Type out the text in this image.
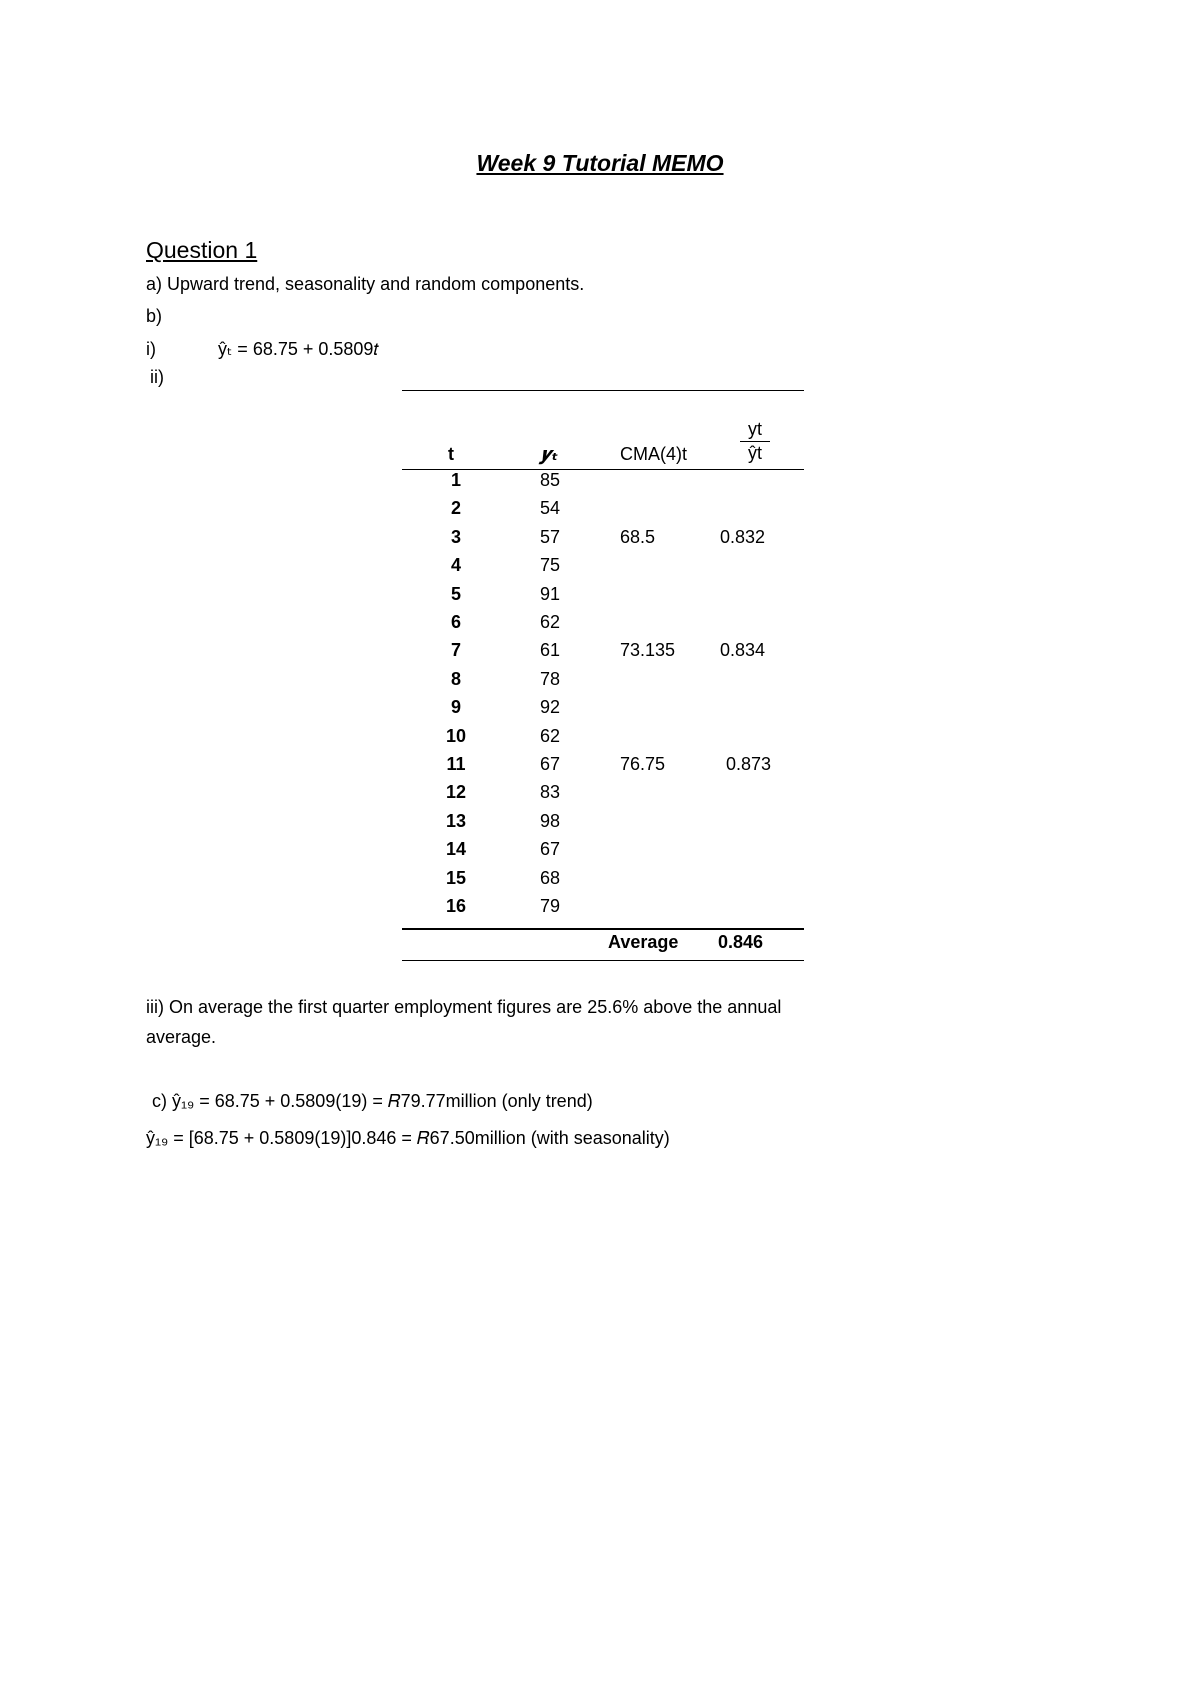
Week 9 Tutorial MEMO
Question 1
a) Upward trend, seasonality and random components.
b)
i)	ŷₜ = 68.75 + 0.5809𝑡
ii)
t	𝒚ₜ	CMA(4)t
yt
ŷt
1	85
2	54
3	57	68.5	0.832
4	75
5	91
6	62
7	61	73.135 0.834
8	78
9	92
10	62
11	67	76.75	0.873
12	83
13	98
14	67
15	68
16	79
Average 0.846
iii) On average the first quarter employment figures are 25.6% above the annual
average.
c) ŷ₁₉ = 68.75 + 0.5809(19) = 𝑅79.77million (only trend)
ŷ₁₉ = [68.75 + 0.5809(19)]0.846 = 𝑅67.50million (with seasonality)
